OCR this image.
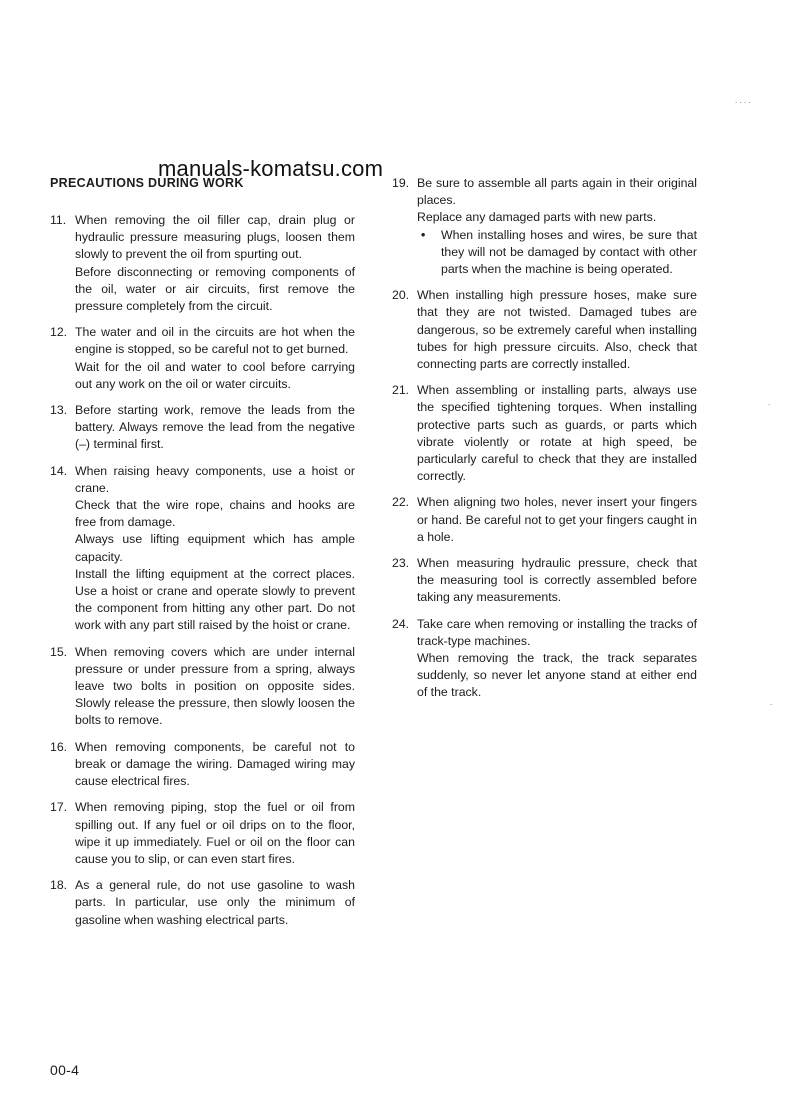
manuals-komatsu.com
PRECAUTIONS DURING WORK
11. When removing the oil filler cap, drain plug or hydraulic pressure measuring plugs, loosen them slowly to prevent the oil from spurting out.

Before disconnecting or removing components of the oil, water or air circuits, first remove the pressure completely from the circuit.

12. The water and oil in the circuits are hot when the engine is stopped, so be careful not to get burned.

Wait for the oil and water to cool before carrying out any work on the oil or water circuits.

13. Before starting work, remove the leads from the battery. Always remove the lead from the negative (–) terminal first.

14. When raising heavy components, use a hoist or crane.

Check that the wire rope, chains and hooks are free from damage.

Always use lifting equipment which has ample capacity.

Install the lifting equipment at the correct places. Use a hoist or crane and operate slowly to prevent the component from hitting any other part. Do not work with any part still raised by the hoist or crane.

15. When removing covers which are under internal pressure or under pressure from a spring, always leave two bolts in position on opposite sides. Slowly release the pressure, then slowly loosen the bolts to remove.

16. When removing components, be careful not to break or damage the wiring. Damaged wiring may cause electrical fires.

17. When removing piping, stop the fuel or oil from spilling out. If any fuel or oil drips on to the floor, wipe it up immediately. Fuel or oil on the floor can cause you to slip, or can even start fires.

18. As a general rule, do not use gasoline to wash parts. In particular, use only the minimum of gasoline when washing electrical parts.

19. Be sure to assemble all parts again in their original places.

Replace any damaged parts with new parts.

• When installing hoses and wires, be sure that they will not be damaged by contact with other parts when the machine is being operated.

20. When installing high pressure hoses, make sure that they are not twisted. Damaged tubes are dangerous, so be extremely careful when installing tubes for high pressure circuits. Also, check that connecting parts are correctly installed.

21. When assembling or installing parts, always use the specified tightening torques. When installing protective parts such as guards, or parts which vibrate violently or rotate at high speed, be particularly careful to check that they are installed correctly.

22. When aligning two holes, never insert your fingers or hand. Be careful not to get your fingers caught in a hole.

23. When measuring hydraulic pressure, check that the measuring tool is correctly assembled before taking any measurements.

24. Take care when removing or installing the tracks of track-type machines.

When removing the track, the track separates suddenly, so never let anyone stand at either end of the track.

00-4
. . . .
.
.
